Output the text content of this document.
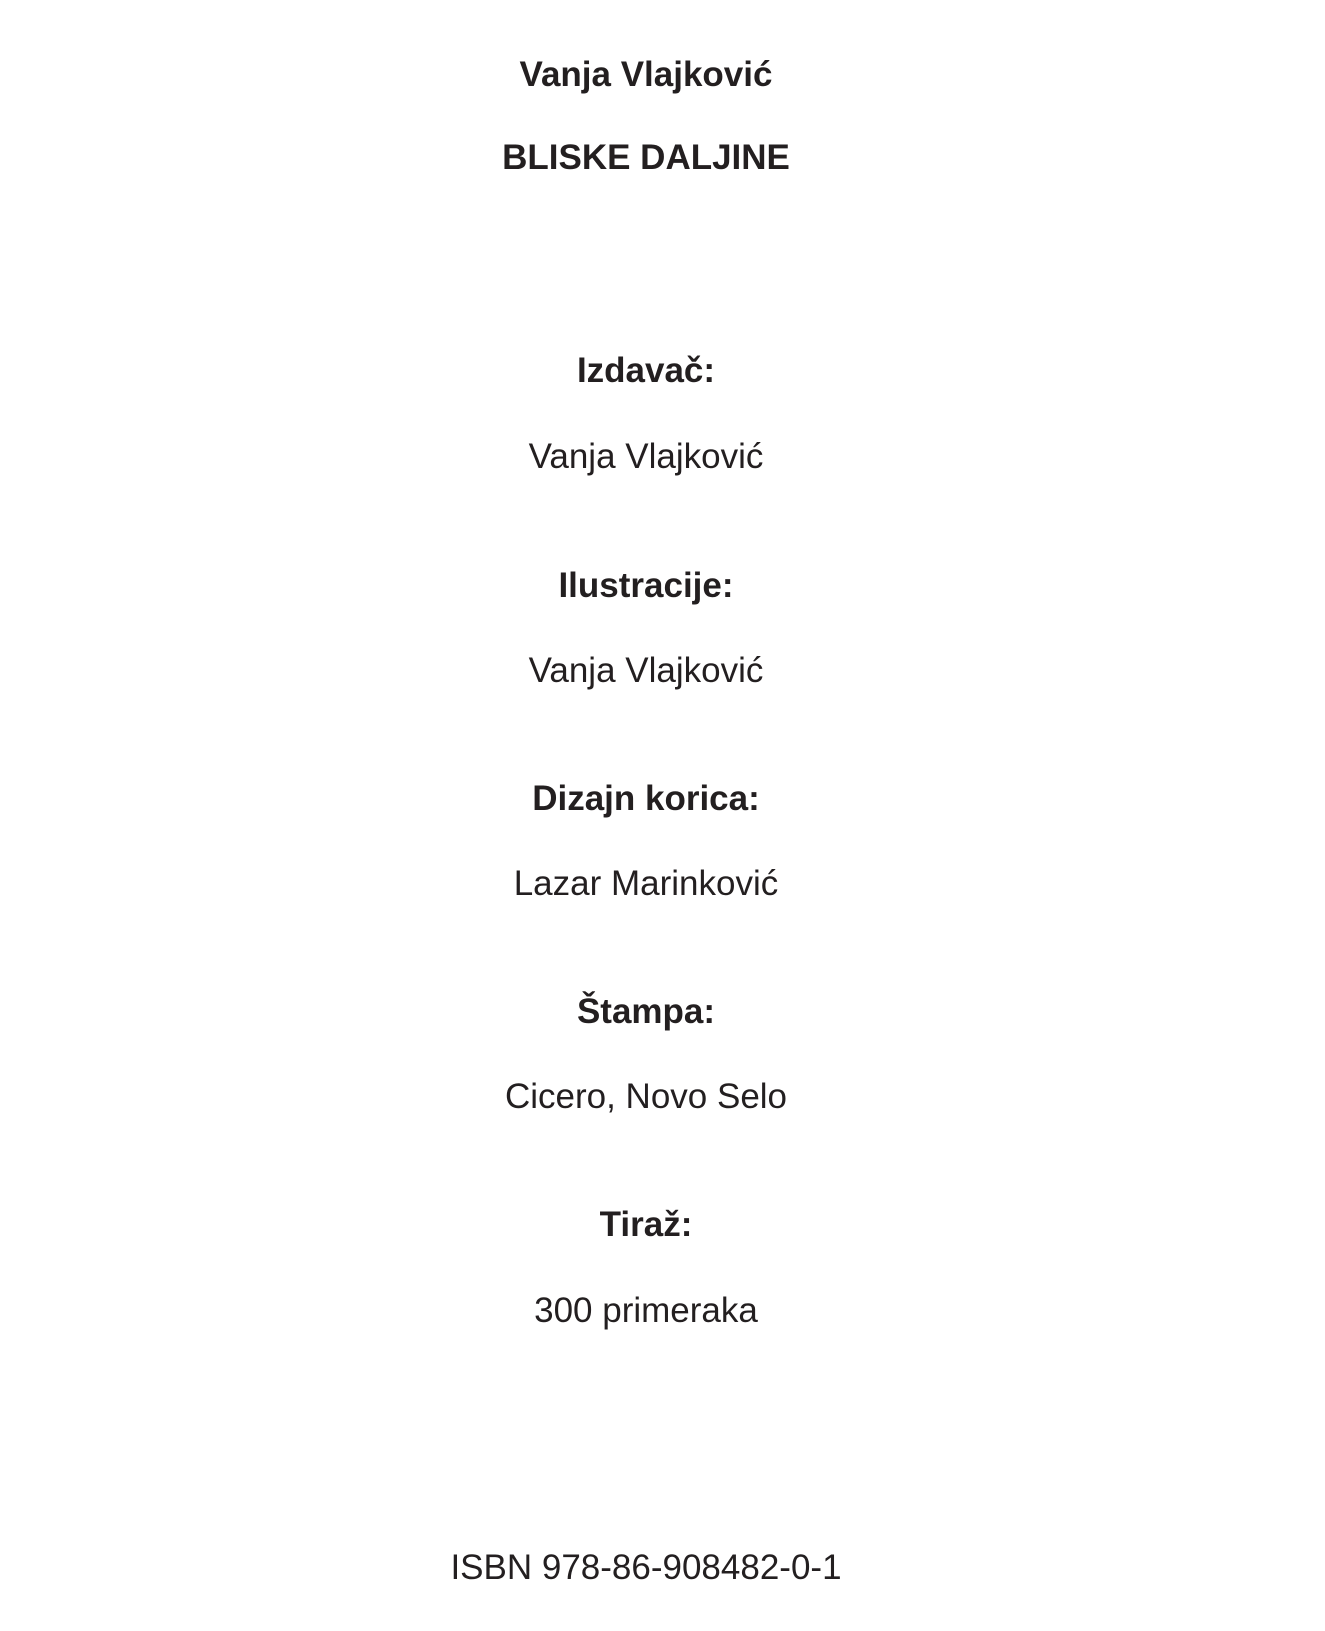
Vanja Vlajković
BLISKE DALJINE
Izdavač:
Vanja Vlajković
Ilustracije:
Vanja Vlajković
Dizajn korica:
Lazar Marinković
Štampa:
Cicero, Novo Selo
Tiraž:
300 primeraka
ISBN 978-86-908482-0-1
